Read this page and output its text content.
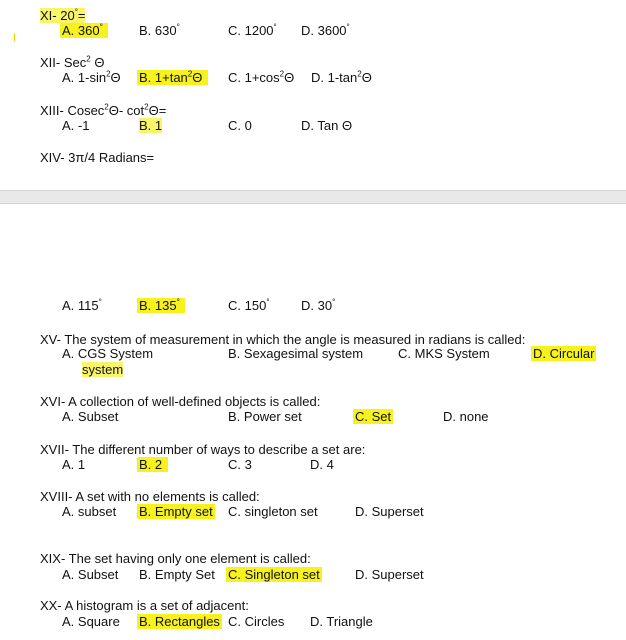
XI- 20°=
A. 360°	B. 630°	C. 1200° D. 3600°
XII- Sec$^2$ Θ
A. $1-\sin^2\Theta$ B. $1+\tan^2\Theta$	C. $1+\cos^2\Theta$ D. $1-\tan^2\Theta$
XIII- Cosec$^2$Θ- $\cot^2\Theta=$
A. -1	B. 1	C. 0	D. Tan Θ
XIV- 3π/4 Radians=
A. 115°	B. 135°	C. 150° D. 30°
XV- The system of measurement in which the angle is measured in radians is called:
A. CGS System
system
B. Sexagesimal system	C. MKS System	D. Circular
XVI- A collection of well-defined objects is called:
A. Subset	B. Power set	C. Set	D. none
XVII- The different number of ways to describe a set are:
A. 1	B. 2	C. 3	D. 4
XVIII- A set with no elements is called:
A. subset B. Empty set C. singleton set	D. Superset
XIX- The set having only one element is called:
A. Subset B. Empty Set C. Singleton set	D. Superset
XX- A histogram is a set of adjacent:
A. Square B. Rectangles C. Circles D. Triangle
